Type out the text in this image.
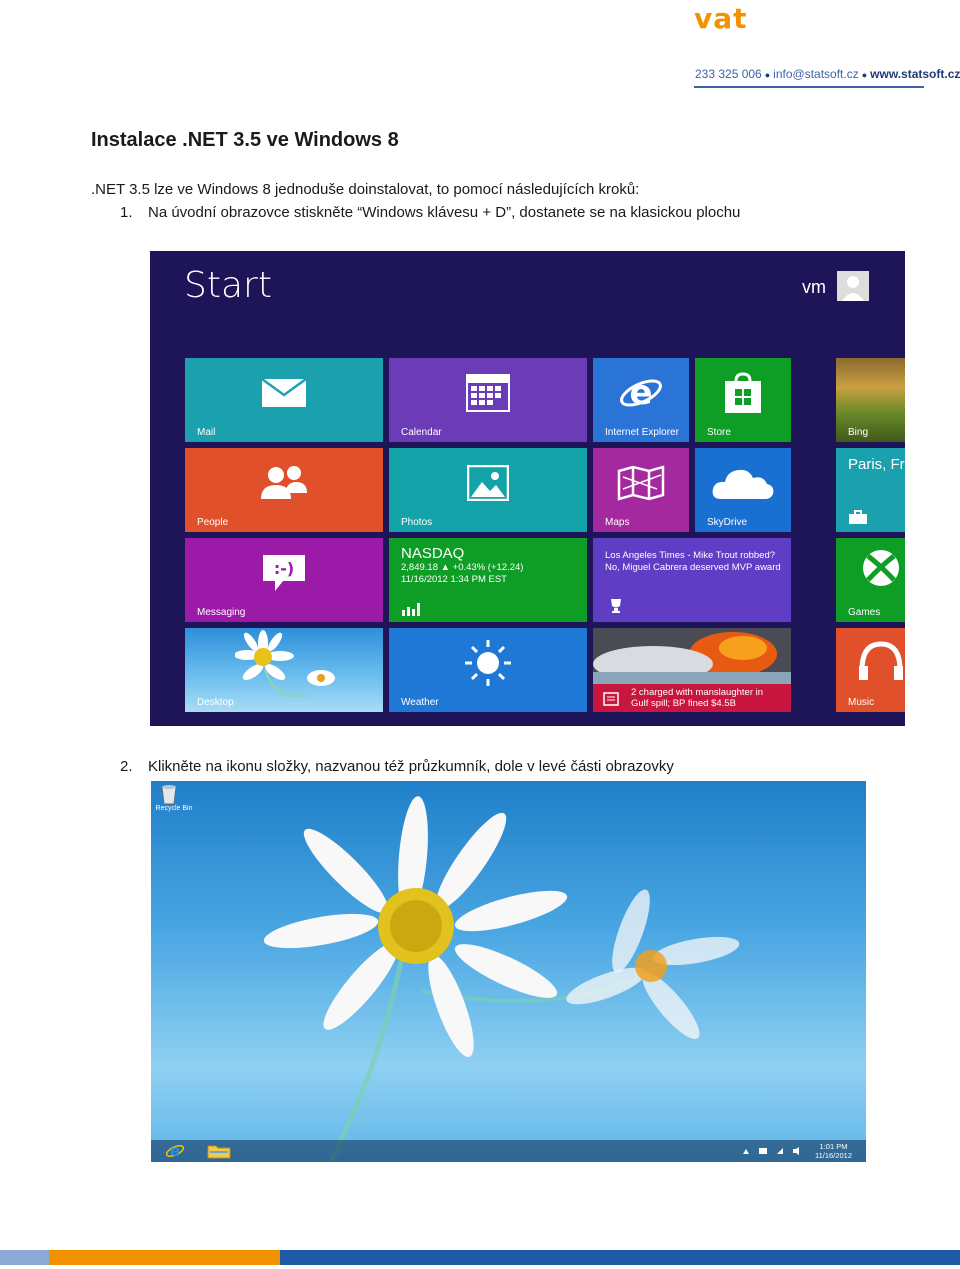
vat
233 325 006 ● info@statsoft.cz ● www.statsoft.cz
Instalace .NET 3.5 ve Windows 8
.NET 3.5 lze ve Windows 8 jednoduše doinstalovat, to pomocí následujících kroků:
1. Na úvodní obrazovce stiskněte “Windows klávesu + D”, dostanete se na klasickou plochu
Start	vm
Mail	Calendar
e
Internet Explorer	Store	Bing
People	Photos	Maps	SkyDrive
Paris, Fr
:-)
Messaging
NASDAQ
2,849.18 ▲ +0.43% (+12.24)
11/16/2012 1:34 PM EST
Los Angeles Times - Mike Trout robbed? No, Miguel Cabrera deserved MVP award
Games
Desktop	Weather
2 charged with manslaughter in Gulf spill; BP fined $4.5B	Music
2. Klikněte na ikonu složky, nazvanou též průzkumník, dole v levé části obrazovky
Recycle Bin
e	1:01 PM
11/16/2012
